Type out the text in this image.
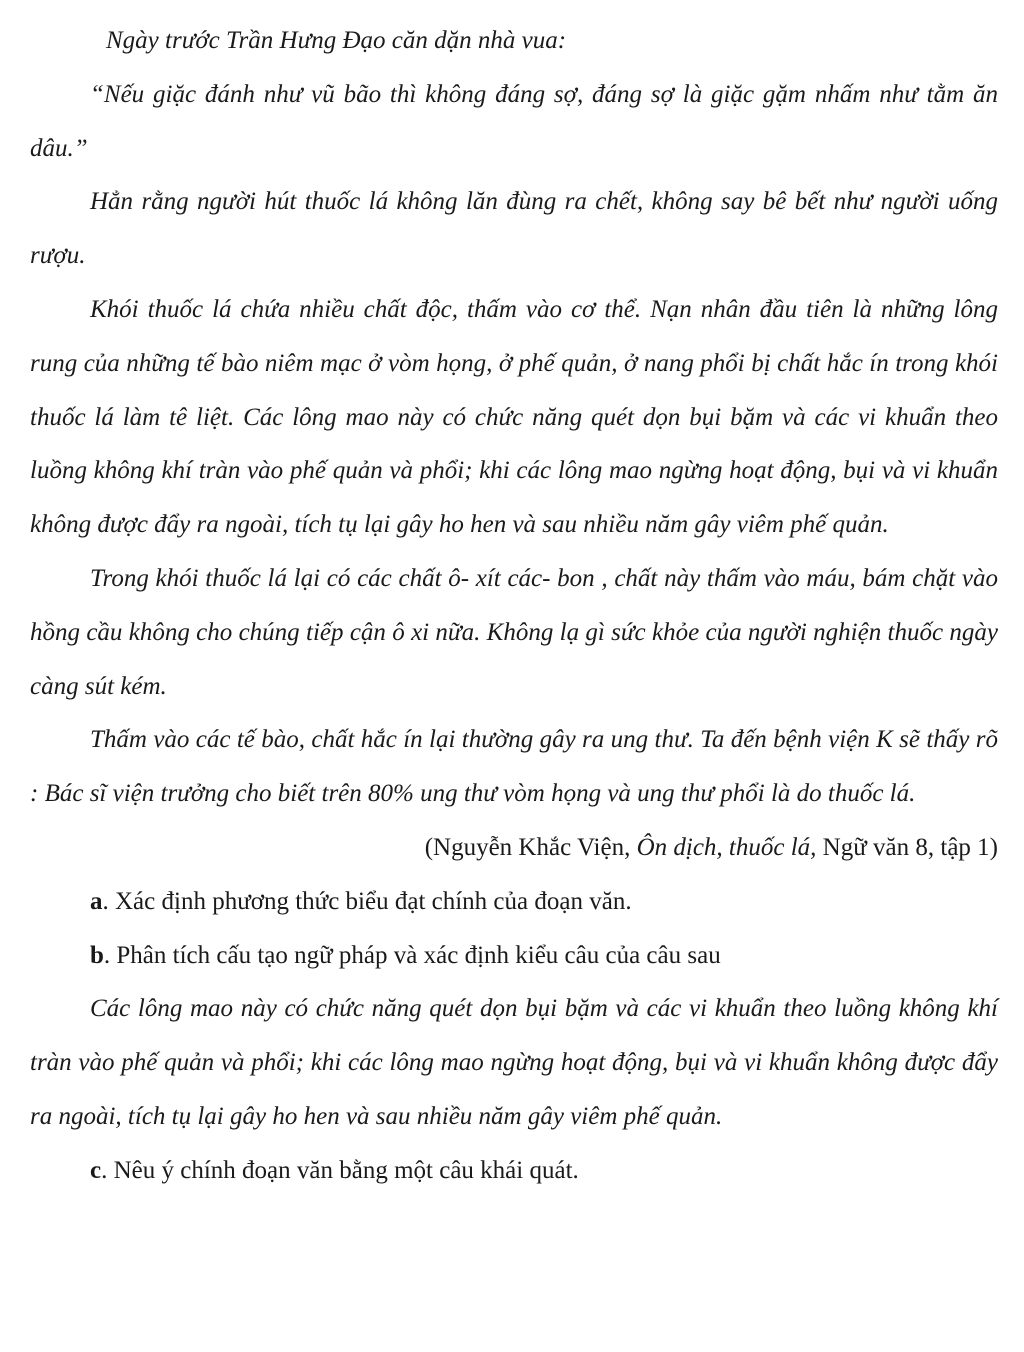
Ngày trước Trần Hưng Đạo căn dặn nhà vua:

“Nếu giặc đánh như vũ bão thì không đáng sợ, đáng sợ là giặc gặm nhấm như tằm ăn dâu.”

Hẳn rằng người hút thuốc lá không lăn đùng ra chết, không say bê bết như người uống rượu.

Khói thuốc lá chứa nhiều chất độc, thấm vào cơ thể. Nạn nhân đầu tiên là những lông rung của những tế bào niêm mạc ở vòm họng, ở phế quản, ở nang phổi bị chất hắc ín trong khói thuốc lá làm tê liệt. Các lông mao này có chức năng quét dọn bụi bặm và các vi khuẩn theo luồng không khí tràn vào phế quản và phổi; khi các lông mao ngừng hoạt động, bụi và vi khuẩn không được đẩy ra ngoài, tích tụ lại gây ho hen và sau nhiều năm gây viêm phế quản.

Trong khói thuốc lá lại có các chất ô- xít các- bon , chất này thấm vào máu, bám chặt vào hồng cầu không cho chúng tiếp cận ô xi nữa. Không lạ gì sức khỏe của người nghiện thuốc ngày càng sút kém.

Thấm vào các tế bào, chất hắc ín lại thường gây ra ung thư. Ta đến bệnh viện K sẽ thấy rõ : Bác sĩ viện trưởng cho biết trên 80% ung thư vòm họng và ung thư phổi là do thuốc lá.

(Nguyễn Khắc Viện, Ôn dịch, thuốc lá, Ngữ văn 8, tập 1)

a. Xác định phương thức biểu đạt chính của đoạn văn.

b. Phân tích cấu tạo ngữ pháp và xác định kiểu câu của câu sau

Các lông mao này có chức năng quét dọn bụi bặm và các vi khuẩn theo luồng không khí tràn vào phế quản và phổi; khi các lông mao ngừng hoạt động, bụi và vi khuẩn không được đẩy ra ngoài, tích tụ lại gây ho hen và sau nhiều năm gây viêm phế quản.

c. Nêu ý chính đoạn văn bằng một câu khái quát.
